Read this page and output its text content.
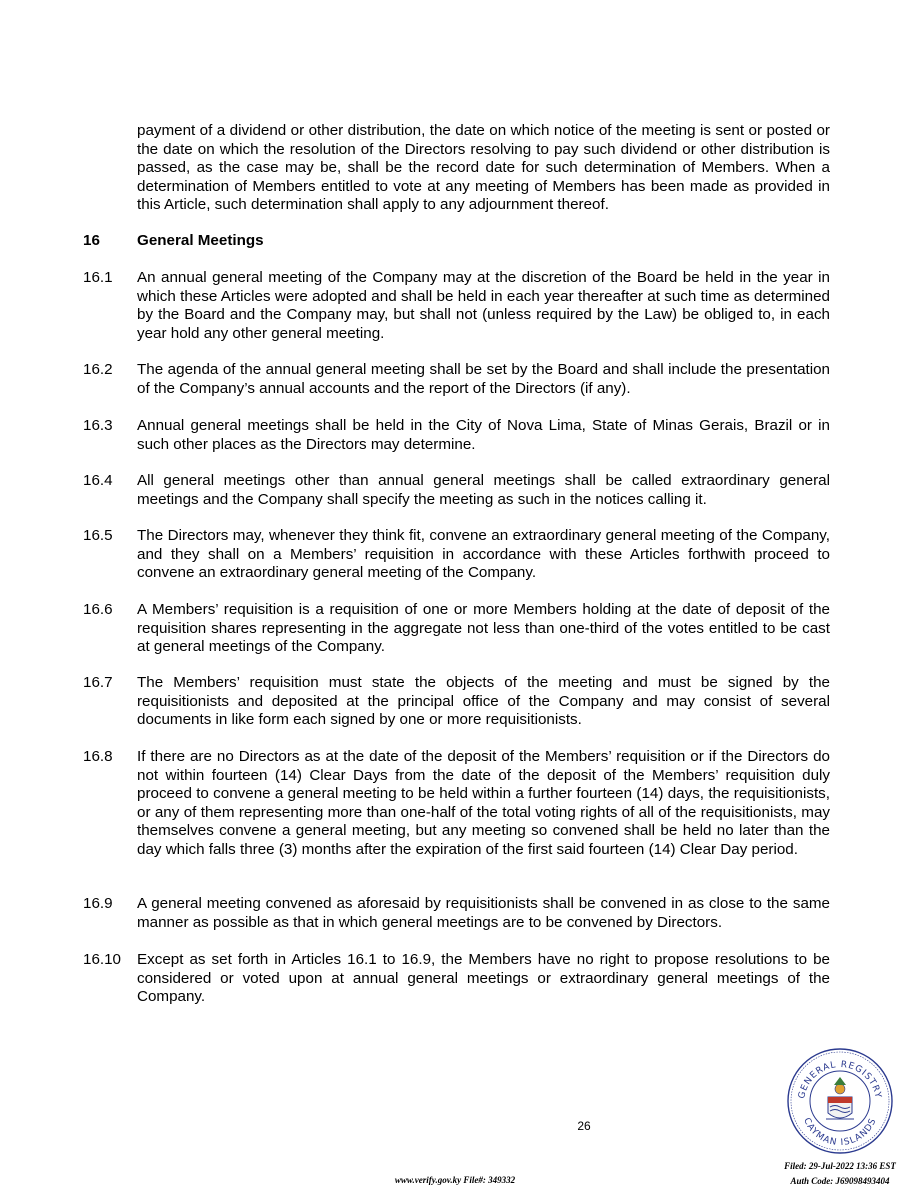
payment of a dividend or other distribution, the date on which notice of the meeting is sent or posted or the date on which the resolution of the Directors resolving to pay such dividend or other distribution is passed, as the case may be, shall be the record date for such determination of Members. When a determination of Members entitled to vote at any meeting of Members has been made as provided in this Article, such determination shall apply to any adjournment thereof.
16 General Meetings
16.1	An annual general meeting of the Company may at the discretion of the Board be held in the year in which these Articles were adopted and shall be held in each year thereafter at such time as determined by the Board and the Company may, but shall not (unless required by the Law) be obliged to, in each year hold any other general meeting.
16.2	The agenda of the annual general meeting shall be set by the Board and shall include the presentation of the Company’s annual accounts and the report of the Directors (if any).
16.3	Annual general meetings shall be held in the City of Nova Lima, State of Minas Gerais, Brazil or in such other places as the Directors may determine.
16.4	All general meetings other than annual general meetings shall be called extraordinary general meetings and the Company shall specify the meeting as such in the notices calling it.
16.5	The Directors may, whenever they think fit, convene an extraordinary general meeting of the Company, and they shall on a Members’ requisition in accordance with these Articles forthwith proceed to convene an extraordinary general meeting of the Company.
16.6	A Members’ requisition is a requisition of one or more Members holding at the date of deposit of the requisition shares representing in the aggregate not less than one-third of the votes entitled to be cast at general meetings of the Company.
16.7	The Members’ requisition must state the objects of the meeting and must be signed by the requisitionists and deposited at the principal office of the Company and may consist of several documents in like form each signed by one or more requisitionists.
16.8	If there are no Directors as at the date of the deposit of the Members’ requisition or if the Directors do not within fourteen (14) Clear Days from the date of the deposit of the Members’ requisition duly proceed to convene a general meeting to be held within a further fourteen (14) days, the requisitionists, or any of them representing more than one-half of the total voting rights of all of the requisitionists, may themselves convene a general meeting, but any meeting so convened shall be held no later than the day which falls three (3) months after the expiration of the first said fourteen (14) Clear Day period.
16.9	A general meeting convened as aforesaid by requisitionists shall be convened in as close to the same manner as possible as that in which general meetings are to be convened by Directors.
16.10	Except as set forth in Articles 16.1 to 16.9, the Members have no right to propose resolutions to be considered or voted upon at annual general meetings or extraordinary general meetings of the Company.
26
GENERAL REGISTRY
CAYMAN ISLANDS
www.verify.gov.ky File#: 349332
Filed: 29-Jul-2022 13:36 EST
Auth Code: J69098493404
